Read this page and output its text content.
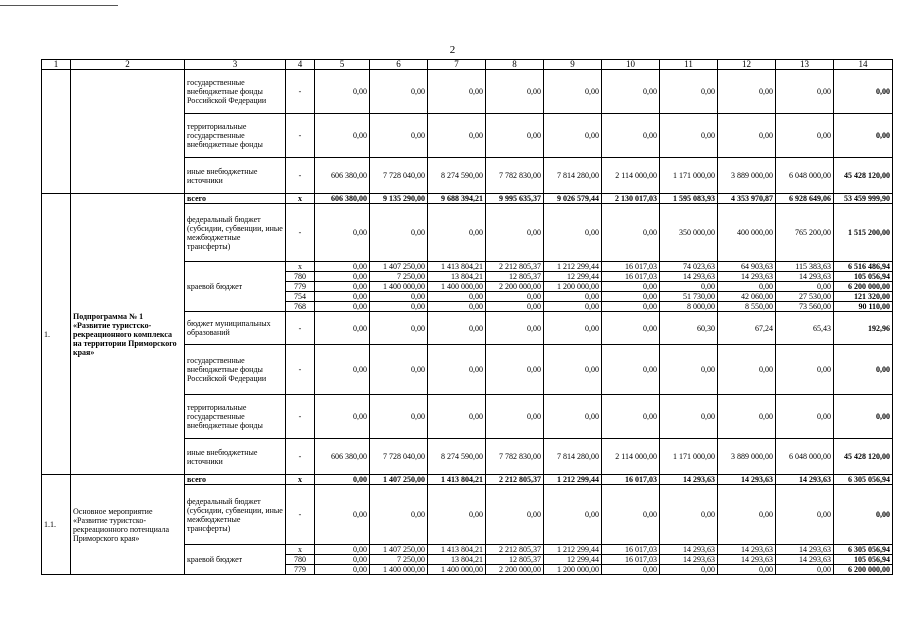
2
1	2	3	4	5	6	7	8	9	10	11	12	13	14
		государственные внебюджетные фонды Российской Федерации	-	0,00	0,00	0,00	0,00	0,00	0,00	0,00	0,00	0,00	0,00
		территориальные государственные внебюджетные фонды	-	0,00	0,00	0,00	0,00	0,00	0,00	0,00	0,00	0,00	0,00
		иные внебюджетные источники	-	606 380,00	7 728 040,00	8 274 590,00	7 782 830,00	7 814 280,00	2 114 000,00	1 171 000,00	3 889 000,00	6 048 000,00	45 428 120,00
1.	Подпрограмма № 1 «Развитие туристско-рекреационного комплекса на территории Приморского края»	всего	х	606 380,00	9 135 290,00	9 688 394,21	9 995 635,37	9 026 579,44	2 130 017,03	1 595 083,93	4 353 970,87	6 928 649,06	53 459 999,90
		федеральный бюджет (субсидии, субвенции, иные межбюджетные трансферты)	-	0,00	0,00	0,00	0,00	0,00	0,00	350 000,00	400 000,00	765 200,00	1 515 200,00
		краевой бюджет	х	0,00	1 407 250,00	1 413 804,21	2 212 805,37	1 212 299,44	16 017,03	74 023,63	64 903,63	115 383,63	6 516 486,94
			780	0,00	7 250,00	13 804,21	12 805,37	12 299,44	16 017,03	14 293,63	14 293,63	14 293,63	105 056,94
			779	0,00	1 400 000,00	1 400 000,00	2 200 000,00	1 200 000,00	0,00	0,00	0,00	0,00	6 200 000,00
			754	0,00	0,00	0,00	0,00	0,00	0,00	51 730,00	42 060,00	27 530,00	121 320,00
			768	0,00	0,00	0,00	0,00	0,00	0,00	8 000,00	8 550,00	73 560,00	90 110,00
		бюджет муниципальных образований	-	0,00	0,00	0,00	0,00	0,00	0,00	60,30	67,24	65,43	192,96
		государственные внебюджетные фонды Российской Федерации	-	0,00	0,00	0,00	0,00	0,00	0,00	0,00	0,00	0,00	0,00
		территориальные государственные внебюджетные фонды	-	0,00	0,00	0,00	0,00	0,00	0,00	0,00	0,00	0,00	0,00
		иные внебюджетные источники	-	606 380,00	7 728 040,00	8 274 590,00	7 782 830,00	7 814 280,00	2 114 000,00	1 171 000,00	3 889 000,00	6 048 000,00	45 428 120,00
1.1.	Основное мероприятие «Развитие туристско-рекреационного потенциала Приморского края»	всего	х	0,00	1 407 250,00	1 413 804,21	2 212 805,37	1 212 299,44	16 017,03	14 293,63	14 293,63	14 293,63	6 305 056,94
		федеральный бюджет (субсидии, субвенции, иные межбюджетные трансферты)	-	0,00	0,00	0,00	0,00	0,00	0,00	0,00	0,00	0,00	0,00
		краевой бюджет	х	0,00	1 407 250,00	1 413 804,21	2 212 805,37	1 212 299,44	16 017,03	14 293,63	14 293,63	14 293,63	6 305 056,94
			780	0,00	7 250,00	13 804,21	12 805,37	12 299,44	16 017,03	14 293,63	14 293,63	14 293,63	105 056,94
			779	0,00	1 400 000,00	1 400 000,00	2 200 000,00	1 200 000,00	0,00	0,00	0,00	0,00	6 200 000,00
